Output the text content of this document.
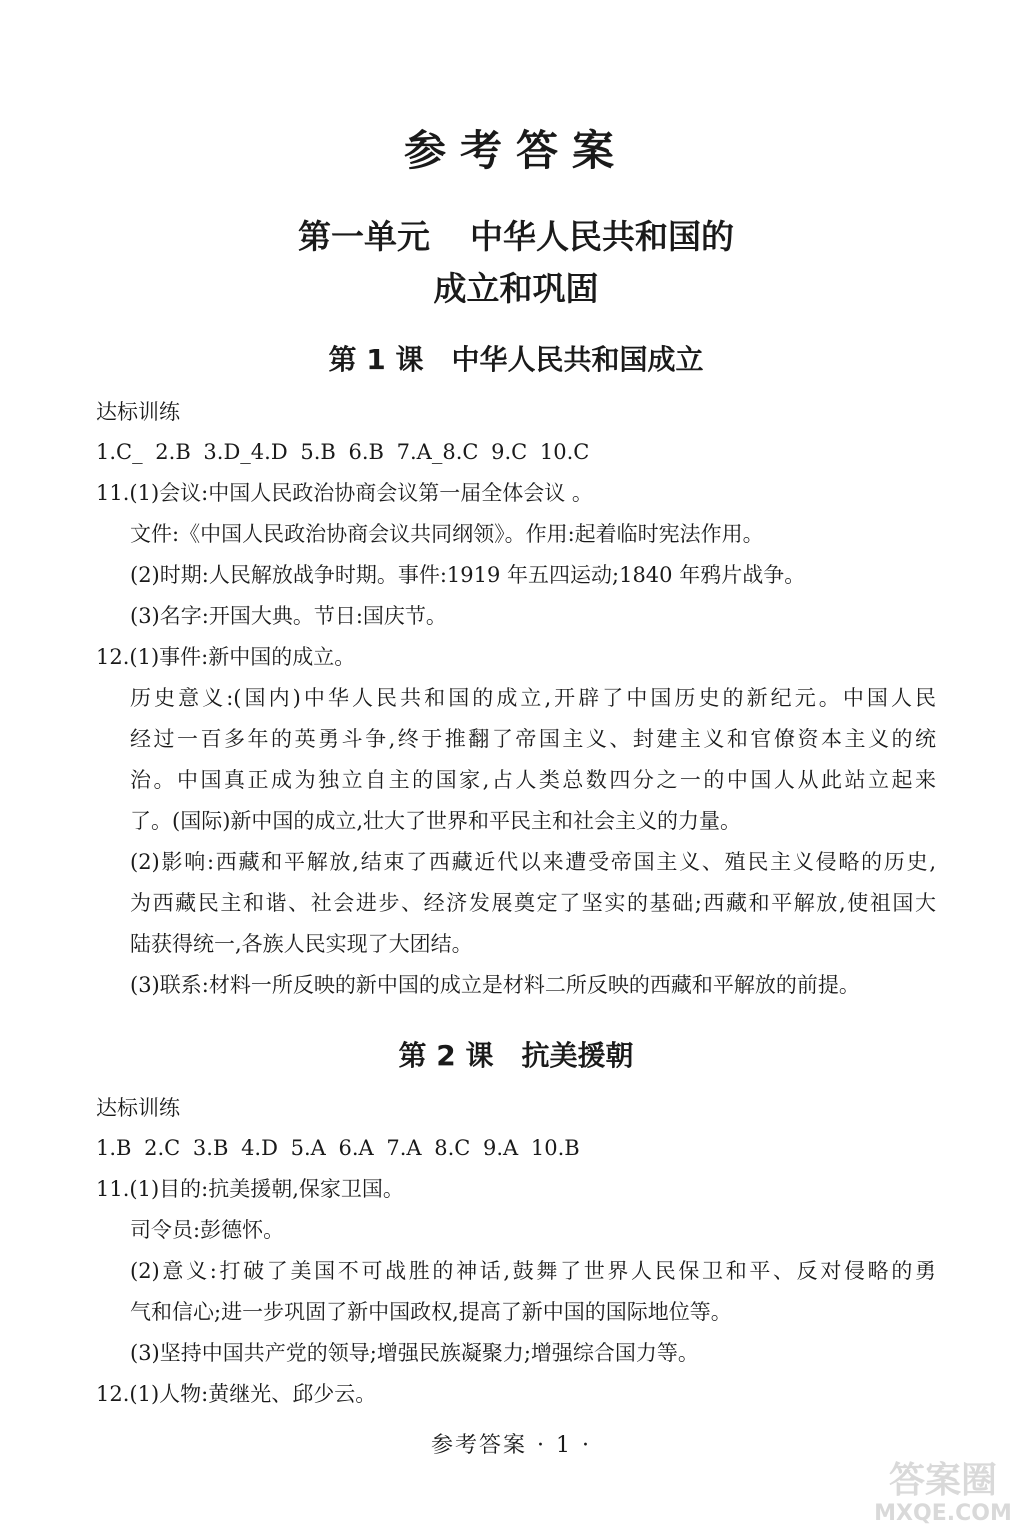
参考答案
第一单元 中华人民共和国的
成立和巩固
第 1 课 中华人民共和国成立

达标训练

1.C_ 2.B 3.D_4.D 5.B 6.B 7.A_8.C 9.C 10.C

11.(1)会议:中国人民政治协商会议第一届全体会议 。

文件:《中国人民政治协商会议共同纲领》。作用:起着临时宪法作用。

(2)时期:人民解放战争时期。事件:1919 年五四运动;1840 年鸦片战争。

(3)名字:开国大典。节日:国庆节。

12.(1)事件:新中国的成立。

历史意义:(国内)中华人民共和国的成立,开辟了中国历史的新纪元。中国人民

经过一百多年的英勇斗争,终于推翻了帝国主义、封建主义和官僚资本主义的统

治。中国真正成为独立自主的国家,占人类总数四分之一的中国人从此站立起来

了。(国际)新中国的成立,壮大了世界和平民主和社会主义的力量。

(2)影响:西藏和平解放,结束了西藏近代以来遭受帝国主义、殖民主义侵略的历史,

为西藏民主和谐、社会进步、经济发展奠定了坚实的基础;西藏和平解放,使祖国大

陆获得统一,各族人民实现了大团结。

(3)联系:材料一所反映的新中国的成立是材料二所反映的西藏和平解放的前提。

第 2 课 抗美援朝

达标训练

1.B 2.C 3.B 4.D 5.A 6.A 7.A 8.C 9.A 10.B

11.(1)目的:抗美援朝,保家卫国。

司令员:彭德怀。

(2)意义:打破了美国不可战胜的神话,鼓舞了世界人民保卫和平、反对侵略的勇

气和信心;进一步巩固了新中国政权,提高了新中国的国际地位等。

(3)坚持中国共产党的领导;增强民族凝聚力;增强综合国力等。

12.(1)人物:黄继光、邱少云。

参考答案 · 1 ·
答案圈
MXQE.COM
